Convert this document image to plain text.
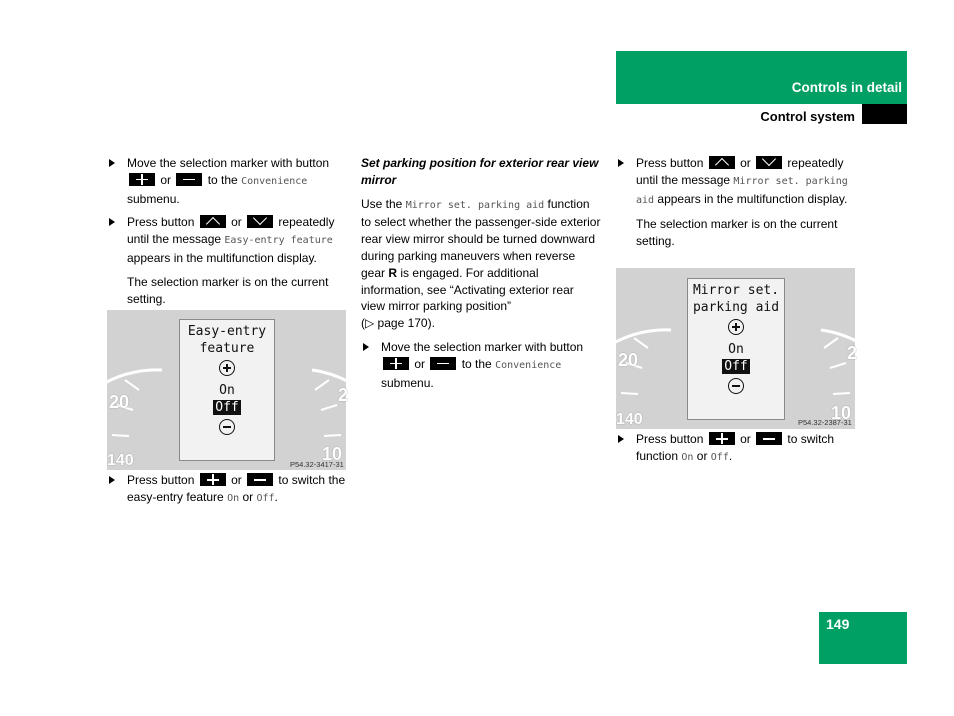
Controls in detail
Control system
Move the selection marker with button  or	to the Convenience submenu.
Press button	or	repeatedly until the message Easy-entry feature appears in the multifunction display.

The selection marker is on the current setting.

20
140	10
2
Easy-entry
feature
On
Off
P54.32-3417-31
Press button	or	to switch the easy-entry feature On or Off.

Set parking position for exterior rear view mirror

Use the Mirror set. parking aid function to select whether the passenger-side exterior rear view mirror should be turned downward during parking maneuvers when reverse gear R is engaged. For additional information, see “Activating exterior rear view mirror parking position”
(▷ page 170).

Move the selection marker with button  or	to the Convenience submenu.
Press button	or	repeatedly until the message Mirror set. parking aid appears in the multifunction display.

The selection marker is on the current setting.

20
140	10
2
Mirror set.
parking aid
On
Off
P54.32-2387-31
Press button	or	to switch function On or Off.
149
